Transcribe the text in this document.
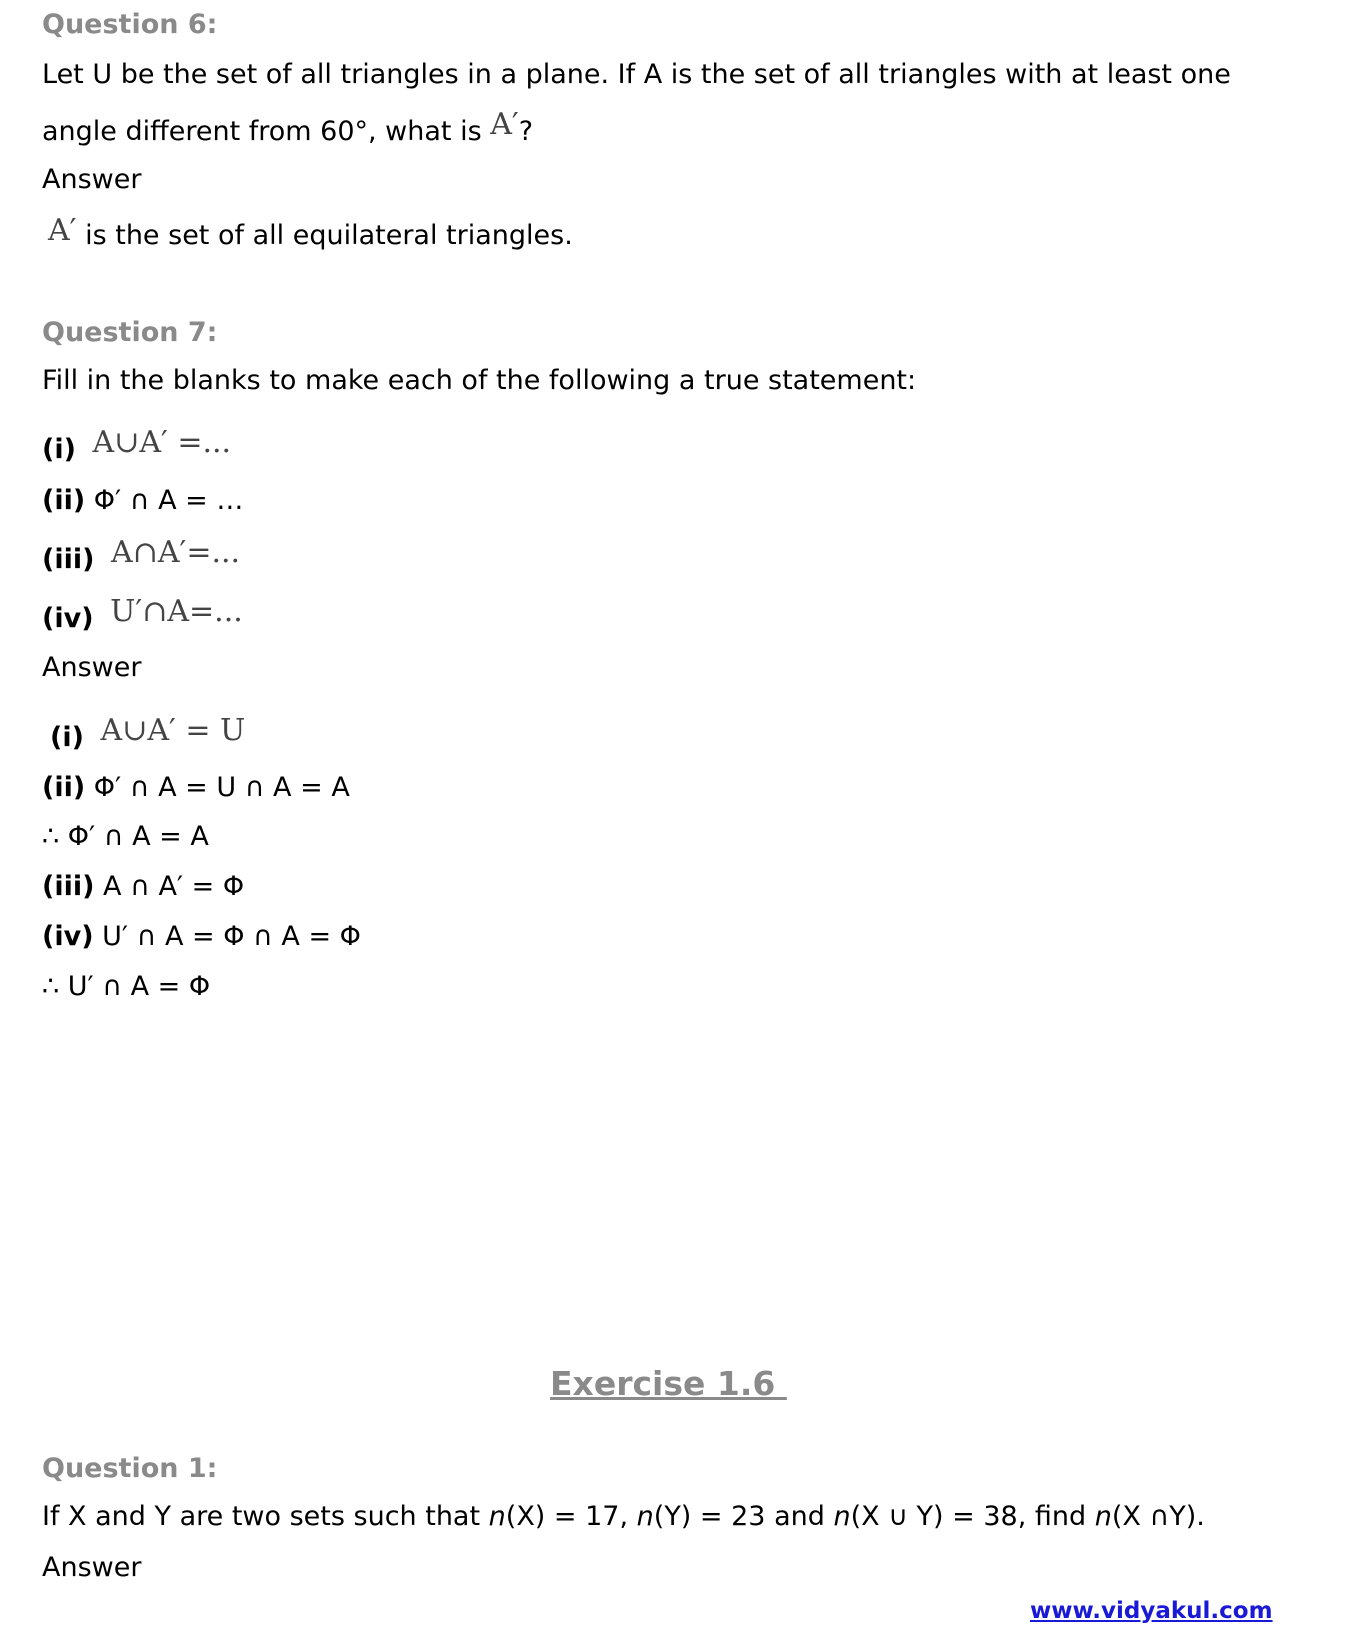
Question 6:
Let U be the set of all triangles in a plane. If A is the set of all triangles with at least one
angle different from 60°, what is A′?
Answer
A′ is the set of all equilateral triangles.
Question 7:
Fill in the blanks to make each of the following a true statement:
(i) A∪A′ =...
(ii) Φ′ ∩ A = …
(iii) A∩A′=...
(iv) U′∩A=...
Answer
(i) A∪A′ = U
(ii) Φ′ ∩ A = U ∩ A = A
∴ Φ′ ∩ A = A
(iii) A ∩ A′ = Φ
(iv) U′ ∩ A = Φ ∩ A = Φ
∴ U′ ∩ A = Φ
Exercise 1.6
Question 1:
If X and Y are two sets such that n(X) = 17, n(Y) = 23 and n(X ∪ Y) = 38, find n(X ∩Y).
Answer
www.vidyakul.com
